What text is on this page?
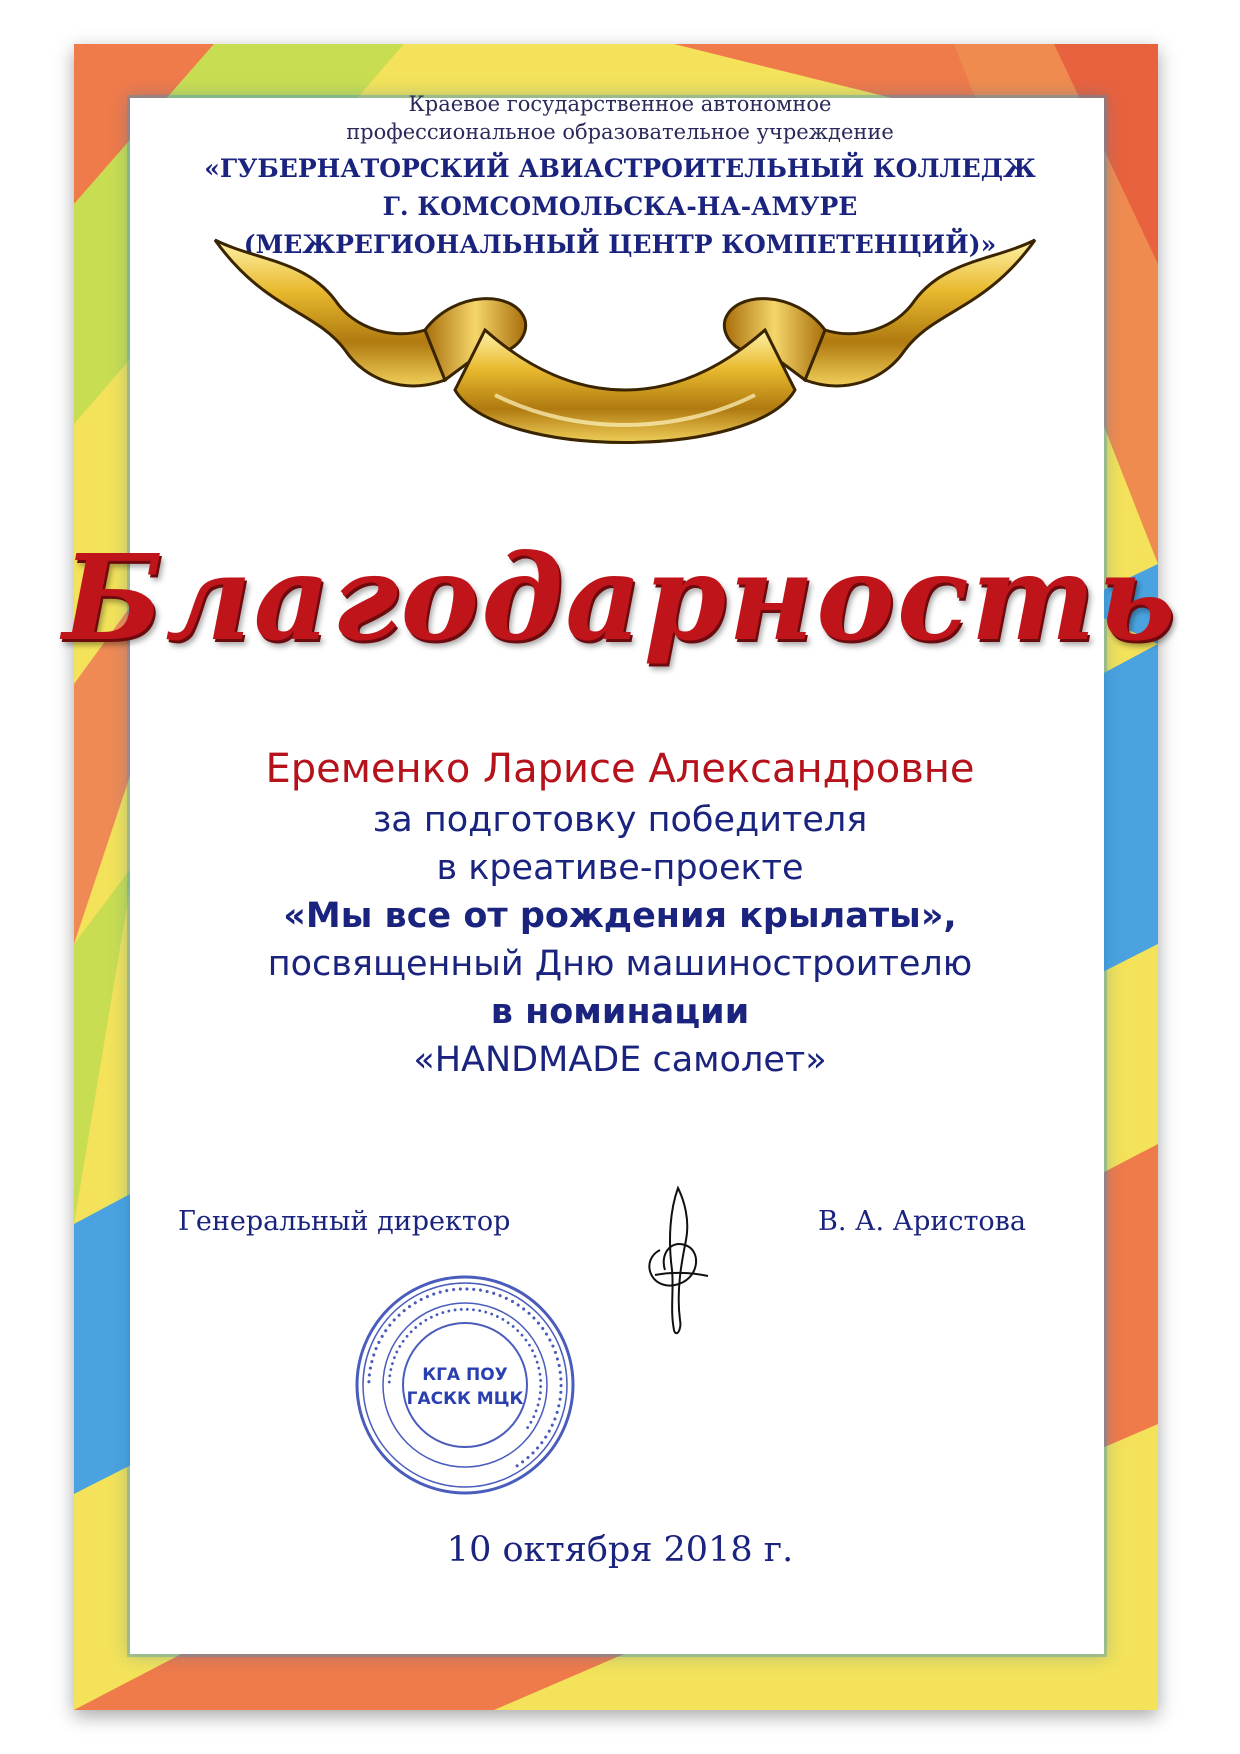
Краевое государственное автономное

профессиональное образовательное учреждение

«ГУБЕРНАТОРСКИЙ АВИАСТРОИТЕЛЬНЫЙ КОЛЛЕДЖ

Г. КОМСОМОЛЬСКА-НА-АМУРЕ

(МЕЖРЕГИОНАЛЬНЫЙ ЦЕНТР КОМПЕТЕНЦИЙ)»

Благодарность

Еременко Ларисе Александровне

за подготовку победителя

в креативе-проекте

«Мы все от рождения крылаты»,

посвященный Дню машиностроителю

в номинации

«HANDMADE самолет»

Генеральный директор	В. А. Аристова
•••••••••••••••••••••••••••••••••••••••••••••••••••••••••••
••••••••••••••••••••••••••••••••••••••••••••••
КГА ПОУ
ГАСКК МЦК

10 октября 2018 г.
